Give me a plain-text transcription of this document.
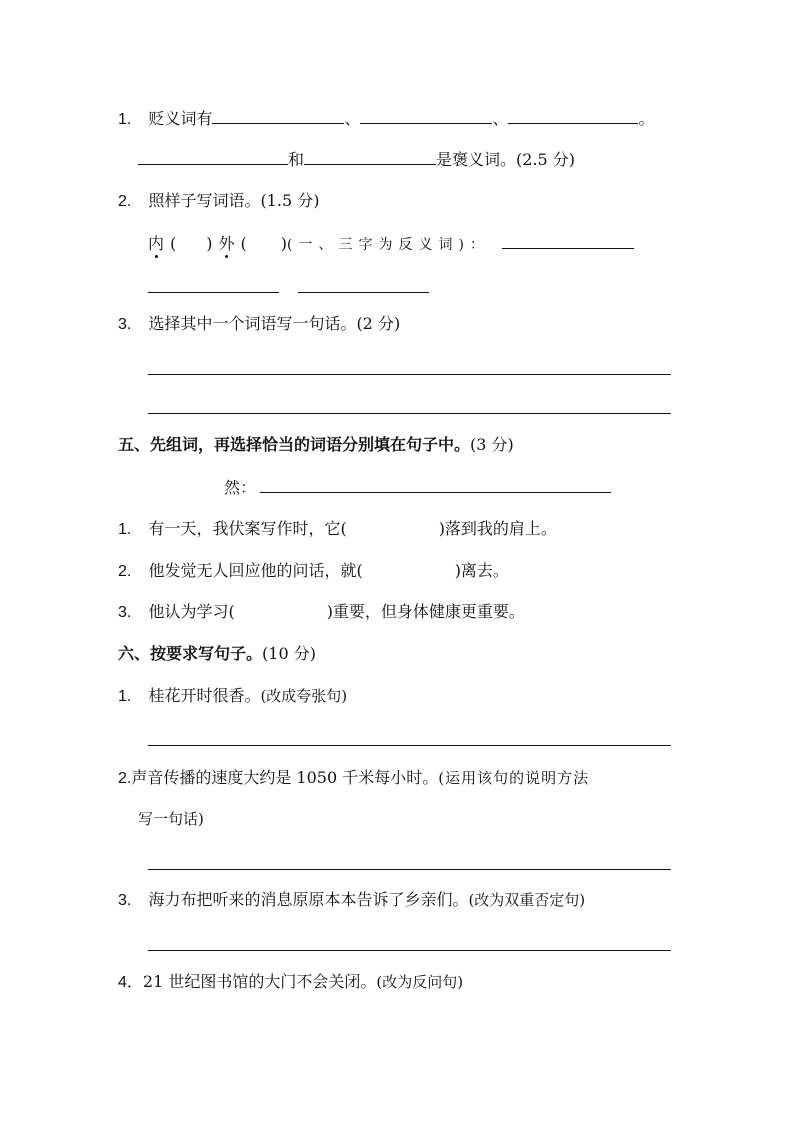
1. 贬义词有	、	、	。
和	是褒义词。(2.5 分)
2. 照样子写词语。(1.5 分)
内 ( ) 外 ( )(一、三字为反义词)：
3. 选择其中一个词语写一句话。(2 分)
五、先组词，再选择恰当的词语分别填在句子中。(3 分)
然：
1. 有一天，我伏案写作时，它(	)落到我的肩上。
2. 他发觉无人回应他的问话，就(	)离去。
3. 他认为学习(	)重要，但身体健康更重要。
六、按要求写句子。(10 分)
1. 桂花开时很香。(改成夸张句)
2.声音传播的速度大约是 1050 千米每小时。(运用该句的说明方法
写一句话)
3. 海力布把听来的消息原原本本告诉了乡亲们。(改为双重否定句)
4．21 世纪图书馆的大门不会关闭。(改为反问句)
